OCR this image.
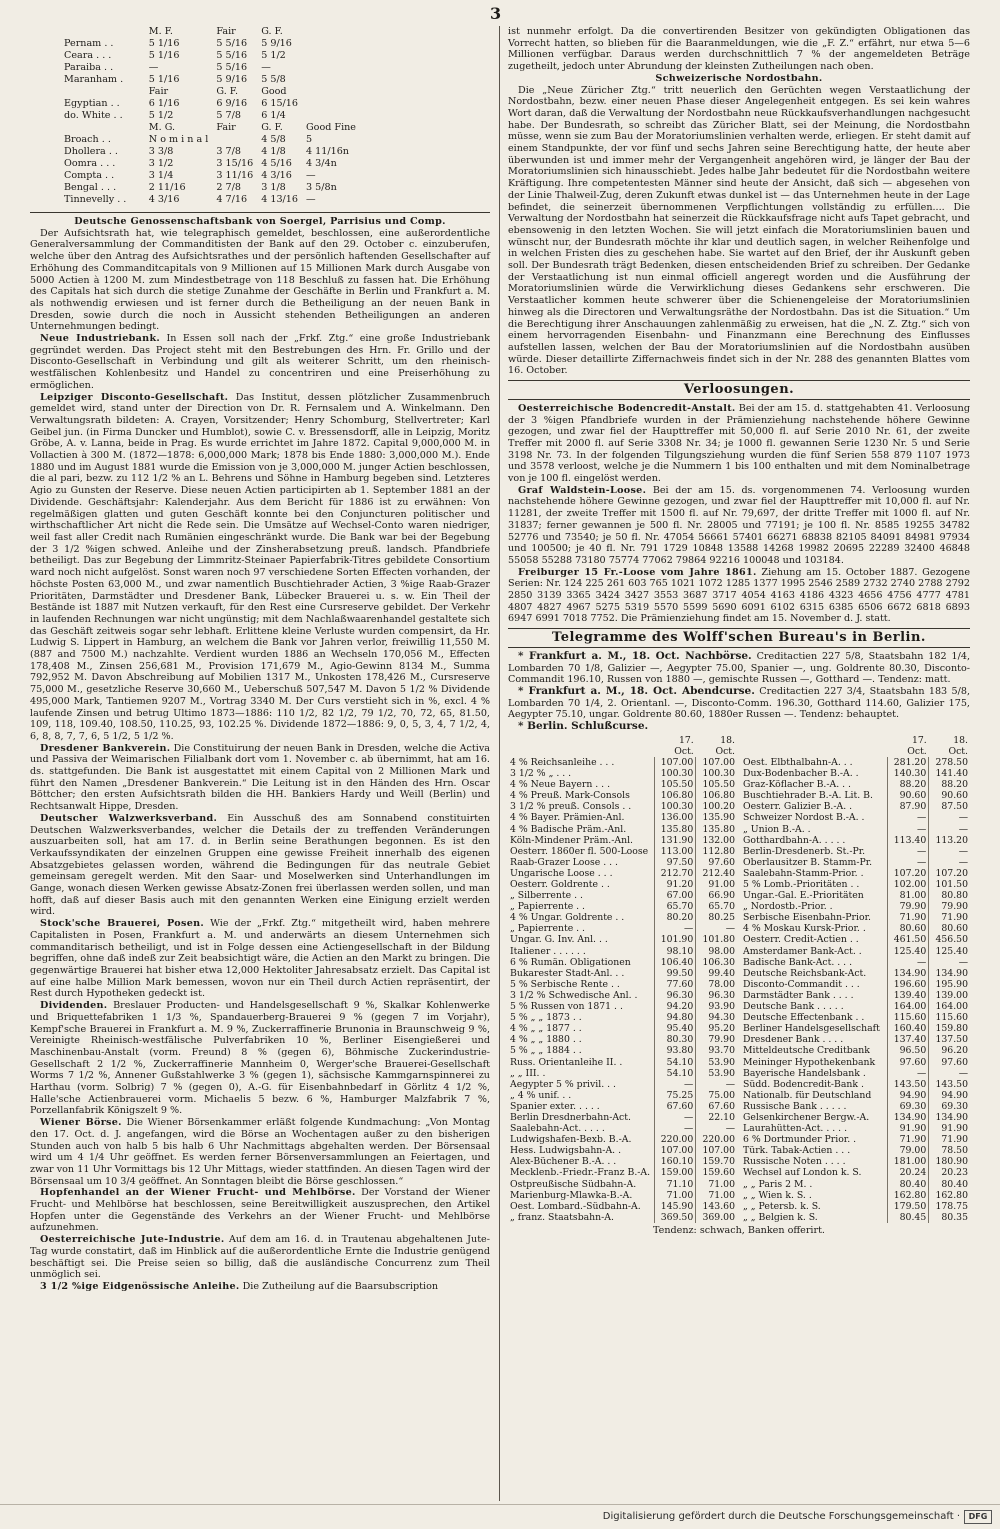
3
	M. F.	Fair	G. F.	
Pernam . .	5 1/16	5 5/16	5 9/16	
Ceara . . .	5 1/16	5 5/16	5 1/2	
Paraiba . .	—	5 5/16	—	
Maranham .	5 1/16	5 9/16	5 5/8	
	Fair	G. F.	Good	
Egyptian . .	6 1/16	6 9/16	6 15/16	
do. White . .	5 1/2	5 7/8	6 1/4	
	M. G.	Fair	G. F.	Good Fine
Broach . .	N o m i n a l		4 5/8	5
Dhollera . .	3 3/8	3 7/8	4 1/8	4 11/16n
Oomra . . .	3 1/2	3 15/16	4 5/16	4 3/4n
Compta . .	3 1/4	3 11/16	4 3/16	—
Bengal . . .	2 11/16	2 7/8	3 1/8	3 5/8n
Tinnevelly . .	4 3/16	4 7/16	4 13/16	—
Deutsche Genossenschaftsbank von Soergel, Parrisius und Comp.

Der Aufsichtsrath hat, wie telegraphisch gemeldet, beschlossen, eine außerordentliche Generalversammlung der Commanditisten der Bank auf den 29. October c. einzuberufen, welche über den Antrag des Aufsichtsrathes und der persönlich haftenden Gesellschafter auf Erhöhung des Commanditcapitals von 9 Millionen auf 15 Millionen Mark durch Ausgabe von 5000 Actien à 1200 M. zum Mindestbetrage von 118 Beschluß zu fassen hat. Die Erhöhung des Capitals hat sich durch die stetige Zunahme der Geschäfte in Berlin und Frankfurt a. M. als nothwendig erwiesen und ist ferner durch die Betheiligung an der neuen Bank in Dresden, sowie durch die noch in Aussicht stehenden Betheiligungen an anderen Unternehmungen bedingt.

Neue Industriebank. In Essen soll nach der „Frkf. Ztg.“ eine große Industriebank gegründet werden. Das Project steht mit den Bestrebungen des Hrn. Fr. Grillo und der Disconto-Gesellschaft in Verbindung und gilt als weiterer Schritt, um den rheinisch-westfälischen Kohlenbesitz und Handel zu concentriren und eine Preiserhöhung zu ermöglichen.

Leipziger Disconto-Gesellschaft. Das Institut, dessen plötzlicher Zusammenbruch gemeldet wird, stand unter der Direction von Dr. R. Fernsalem und A. Winkelmann. Den Verwaltungsrath bildeten: A. Crayen, Vorsitzender; Henry Schomburg, Stellvertreter; Karl Geibel jun. (in Firma Duncker und Humblot), sowie C. v. Bressensdorff, alle in Leipzig, Moritz Gröbe, A. v. Lanna, beide in Prag. Es wurde errichtet im Jahre 1872. Capital 9,000,000 M. in Vollactien à 300 M. (1872—1878: 6,000,000 Mark; 1878 bis Ende 1880: 3,000,000 M.). Ende 1880 und im August 1881 wurde die Emission von je 3,000,000 M. junger Actien beschlossen, die al pari, bezw. zu 112 1/2 % an L. Behrens und Söhne in Hamburg begeben sind. Letzteres Agio zu Gunsten der Reserve. Diese neuen Actien participirten ab 1. September 1881 an der Dividende. Geschäftsjahr: Kalenderjahr. Aus dem Bericht für 1886 ist zu erwähnen: Von regelmäßigen glatten und guten Geschäft konnte bei den Conjuncturen politischer und wirthschaftlicher Art nicht die Rede sein. Die Umsätze auf Wechsel-Conto waren niedriger, weil fast aller Credit nach Rumänien eingeschränkt wurde. Die Bank war bei der Begebung der 3 1/2 %igen schwed. Anleihe und der Zinsherabsetzung preuß. landsch. Pfandbriefe betheiligt. Das zur Begebung der Limmritz-Steinaer Papierfabrik-Titres gebildete Consortium ward noch nicht aufgelöst. Sonst waren noch 97 verschiedene Sorten Effecten vorhanden, der höchste Posten 63,000 M., und zwar namentlich Buschtiehrader Actien, 3 %ige Raab-Grazer Prioritäten, Darmstädter und Dresdener Bank, Lübecker Brauerei u. s. w. Ein Theil der Bestände ist 1887 mit Nutzen verkauft, für den Rest eine Cursreserve gebildet. Der Verkehr in laufenden Rechnungen war nicht ungünstig; mit dem Nachlaßwaarenhandel gestaltete sich das Geschäft zeitweis sogar sehr lebhaft. Erlittene kleine Verluste wurden compensirt, da Hr. Ludwig S. Lippert in Hamburg, an welchem die Bank vor Jahren verlor, freiwillig 11,550 M. (887 and 7500 M.) nachzahlte. Verdient wurden 1886 an Wechseln 170,056 M., Effecten 178,408 M., Zinsen 256,681 M., Provision 171,679 M., Agio-Gewinn 8134 M., Summa 792,952 M. Davon Abschreibung auf Mobilien 1317 M., Unkosten 178,426 M., Cursreserve 75,000 M., gesetzliche Reserve 30,660 M., Ueberschuß 507,547 M. Davon 5 1/2 % Dividende 495,000 Mark, Tantiemen 9207 M., Vortrag 3340 M. Der Curs verstieht sich in %, excl. 4 % laufende Zinsen und betrug Ultimo 1873—1886: 110 1/2, 82 1/2, 79 1/2, 70, 72, 65, 81.50, 109, 118, 109.40, 108.50, 110.25, 93, 102.25 %. Dividende 1872—1886: 9, 0, 5, 3, 4, 7 1/2, 4, 6, 8, 8, 7, 7, 6, 5 1/2, 5 1/2 %.

Dresdener Bankverein. Die Constituirung der neuen Bank in Dresden, welche die Activa und Passiva der Weimarischen Filialbank dort vom 1. November c. ab übernimmt, hat am 16. ds. stattgefunden. Die Bank ist ausgestattet mit einem Capital von 2 Millionen Mark und führt den Namen „Dresdener Bankverein.“ Die Leitung ist in den Händen des Hrn. Oscar Böttcher; den ersten Aufsichtsrath bilden die HH. Bankiers Hardy und Weill (Berlin) und Rechtsanwalt Hippe, Dresden.

Deutscher Walzwerksverband. Ein Ausschuß des am Sonnabend constituirten Deutschen Walzwerksverbandes, welcher die Details der zu treffenden Veränderungen auszuarbeiten soll, hat am 17. d. in Berlin seine Berathungen begonnen. Es ist den Verkaufssyndikaten der einzelnen Gruppen eine gewisse Freiheit innerhalb des eigenen Absatzgebietes gelassen worden, während die Bedingungen für das neutrale Gebiet gemeinsam geregelt werden. Mit den Saar- und Moselwerken sind Unterhandlungen im Gange, wonach diesen Werken gewisse Absatz-Zonen frei überlassen werden sollen, und man hofft, daß auf dieser Basis auch mit den genannten Werken eine Einigung erzielt werden wird.

Stock'sche Brauerei, Posen. Wie der „Frkf. Ztg.“ mitgetheilt wird, haben mehrere Capitalisten in Posen, Frankfurt a. M. und anderwärts an diesem Unternehmen sich commanditarisch betheiligt, und ist in Folge dessen eine Actiengesellschaft in der Bildung begriffen, ohne daß indeß zur Zeit beabsichtigt wäre, die Actien an den Markt zu bringen. Die gegenwärtige Brauerei hat bisher etwa 12,000 Hektoliter Jahresabsatz erzielt. Das Capital ist auf eine halbe Million Mark bemessen, wovon nur ein Theil durch Actien repräsentirt, der Rest durch Hypotheken gedeckt ist.

Dividenden. Breslauer Producten- und Handelsgesellschaft 9 %, Skalkar Kohlenwerke und Briquettefabriken 1 1/3 %, Spandauerberg-Brauerei 9 % (gegen 7 im Vorjahr), Kempf'sche Brauerei in Frankfurt a. M. 9 %, Zuckerraffinerie Brunonia in Braunschweig 9 %, Vereinigte Rheinisch-westfälische Pulverfabriken 10 %, Berliner Eisengießerei und Maschinenbau-Anstalt (vorm. Freund) 8 % (gegen 6), Böhmische Zuckerindustrie-Gesellschaft 2 1/2 %, Zuckerraffinerie Mannheim 0, Werger'sche Brauerei-Gesellschaft Worms 7 1/2 %, Annener Gußstahlwerke 3 % (gegen 1), sächsische Kammgarnspinnerei zu Harthau (vorm. Solbrig) 7 % (gegen 0), A.-G. für Eisenbahnbedarf in Görlitz 4 1/2 %, Halle'sche Actienbrauerei vorm. Michaelis 5 bezw. 6 %, Hamburger Malzfabrik 7 %, Porzellanfabrik Königszelt 9 %.

Wiener Börse. Die Wiener Börsenkammer erläßt folgende Kundmachung: „Von Montag den 17. Oct. d. J. angefangen, wird die Börse an Wochentagen außer zu den bisherigen Stunden auch von halb 5 bis halb 6 Uhr Nachmittags abgehalten werden. Der Börsensaal wird um 4 1/4 Uhr geöffnet. Es werden ferner Börsenversammlungen an Feiertagen, und zwar von 11 Uhr Vormittags bis 12 Uhr Mittags, wieder stattfinden. An diesen Tagen wird der Börsensaal um 10 3/4 geöffnet. An Sonntagen bleibt die Börse geschlossen.“

Hopfenhandel an der Wiener Frucht- und Mehlbörse. Der Vorstand der Wiener Frucht- und Mehlbörse hat beschlossen, seine Bereitwilligkeit auszusprechen, den Artikel Hopfen unter die Gegenstände des Verkehrs an der Wiener Frucht- und Mehlbörse aufzunehmen.

Oesterreichische Jute-Industrie. Auf dem am 16. d. in Trautenau abgehaltenen Jute-Tag wurde constatirt, daß im Hinblick auf die außerordentliche Ernte die Industrie genügend beschäftigt sei. Die Preise seien so billig, daß die ausländische Concurrenz zum Theil unmöglich sei.

3 1/2 %ige Eidgenössische Anleihe. Die Zutheilung auf die Baarsubscription

ist nunmehr erfolgt. Da die convertirenden Besitzer von gekündigten Obligationen das Vorrecht hatten, so blieben für die Baaranmeldungen, wie die „F. Z.“ erfährt, nur etwa 5—6 Millionen verfügbar. Daraus werden durchschnittlich 7 % der angemeldeten Beträge zugetheilt, jedoch unter Abrundung der kleinsten Zutheilungen nach oben.

Schweizerische Nordostbahn.

Die „Neue Züricher Ztg.“ tritt neuerlich den Gerüchten wegen Verstaatlichung der Nordostbahn, bezw. einer neuen Phase dieser Angelegenheit entgegen. Es sei kein wahres Wort daran, daß die Verwaltung der Nordostbahn neue Rückkaufsverhandlungen nachgesucht habe. Der Bundesrath, so schreibt das Züricher Blatt, sei der Meinung, die Nordostbahn müsse, wenn sie zum Bau der Moratoriumslinien verhalten werde, erliegen. Er steht damit auf einem Standpunkte, der vor fünf und sechs Jahren seine Berechtigung hatte, der heute aber überwunden ist und immer mehr der Vergangenheit angehören wird, je länger der Bau der Moratoriumslinien sich hinausschiebt. Jedes halbe Jahr bedeutet für die Nordostbahn weitere Kräftigung. Ihre competentesten Männer sind heute der Ansicht, daß sich — abgesehen von der Linie Thalweil-Zug, deren Zukunft etwas dunkel ist — das Unternehmen heute in der Lage befindet, die seinerzeit übernommenen Verpflichtungen vollständig zu erfüllen.... Die Verwaltung der Nordostbahn hat seinerzeit die Rückkaufsfrage nicht aufs Tapet gebracht, und ebensowenig in den letzten Wochen. Sie will jetzt einfach die Moratoriumslinien bauen und wünscht nur, der Bundesrath möchte ihr klar und deutlich sagen, in welcher Reihenfolge und in welchen Fristen dies zu geschehen habe. Sie wartet auf den Brief, der ihr Auskunft geben soll. Der Bundesrath trägt Bedenken, diesen entscheidenden Brief zu schreiben. Der Gedanke der Verstaatlichung ist nun einmal officiell angeregt worden und die Ausführung der Moratoriumslinien würde die Verwirklichung dieses Gedankens sehr erschweren. Die Verstaatlicher kommen heute schwerer über die Schienengeleise der Moratoriumslinien hinweg als die Directoren und Verwaltungsräthe der Nordostbahn. Das ist die Situation.“ Um die Berechtigung ihrer Anschauungen zahlenmäßig zu erweisen, hat die „N. Z. Ztg.“ sich von einem hervorragenden Eisenbahn- und Finanzmann eine Berechnung des Einflusses aufstellen lassen, welchen der Bau der Moratoriumslinien auf die Nordostbahn ausüben würde. Dieser detaillirte Ziffernachweis findet sich in der Nr. 288 des genannten Blattes vom 16. October.

Verloosungen.

Oesterreichische Bodencredit-Anstalt. Bei der am 15. d. stattgehabten 41. Verloosung der 3 %igen Pfandbriefe wurden in der Prämienziehung nachstehende höhere Gewinne gezogen, und zwar fiel der Haupttreffer mit 50,000 fl. auf Serie 2010 Nr. 61, der zweite Treffer mit 2000 fl. auf Serie 3308 Nr. 34; je 1000 fl. gewannen Serie 1230 Nr. 5 und Serie 3198 Nr. 73. In der folgenden Tilgungsziehung wurden die fünf Serien 558 879 1107 1973 und 3578 verloost, welche je die Nummern 1 bis 100 enthalten und mit dem Nominalbetrage von je 100 fl. eingelöst werden.

Graf Waldstein-Loose. Bei der am 15. ds. vorgenommenen 74. Verloosung wurden nachstehende höhere Gewinne gezogen, und zwar fiel der Haupttreffer mit 10,000 fl. auf Nr. 11281, der zweite Treffer mit 1500 fl. auf Nr. 79,697, der dritte Treffer mit 1000 fl. auf Nr. 31837; ferner gewannen je 500 fl. Nr. 28005 und 77191; je 100 fl. Nr. 8585 19255 34782 52776 und 73540; je 50 fl. Nr. 47054 56661 57401 66271 68838 82105 84091 84981 97934 und 100500; je 40 fl. Nr. 791 1729 10848 13588 14268 19982 20695 22289 32400 46848 55058 55288 73180 75774 77062 79864 92216 100048 und 103184.

Freiburger 15 Fr.-Loose vom Jahre 1861. Ziehung am 15. October 1887. Gezogene Serien: Nr. 124 225 261 603 765 1021 1072 1285 1377 1995 2546 2589 2732 2740 2788 2792 2850 3139 3365 3424 3427 3553 3687 3717 4054 4163 4186 4323 4656 4756 4777 4781 4807 4827 4967 5275 5319 5570 5599 5690 6091 6102 6315 6385 6506 6672 6818 6893 6947 6991 7018 7752. Die Prämienziehung findet am 15. November d. J. statt.

Telegramme des Wolff'schen Bureau's in Berlin.

* Frankfurt a. M., 18. Oct. Nachbörse. Creditactien 227 5/8, Staatsbahn 182 1/4, Lombarden 70 1/8, Galizier —, Aegypter 75.00, Spanier —, ung. Goldrente 80.30, Disconto-Commandit 196.10, Russen von 1880 —, gemischte Russen —, Gotthard —. Tendenz: matt.

* Frankfurt a. M., 18. Oct. Abendcurse. Creditactien 227 3/4, Staatsbahn 183 5/8, Lombarden 70 1/4, 2. Orientanl. —, Disconto-Comm. 196.30, Gotthard 114.60, Galizier 175, Aegypter 75.10, ungar. Goldrente 80.60, 1880er Russen —. Tendenz: behauptet.

* Berlin. Schlußcurse.

	17. Oct.	18. Oct.
4 % Reichsanleihe . . .	107.00	107.00
3 1/2 % „ . . .	100.30	100.30
4 % Neue Bayern . . .	105.50	105.50
4 % Preuß. Mark-Consols	106.80	106.80
3 1/2 % preuß. Consols . .	100.30	100.20
4 % Bayer. Prämien-Anl.	136.00	135.90
4 % Badische Präm.-Anl.	135.80	135.80
Köln-Mindener Präm.-Anl.	131.90	132.00
Oesterr. 1860er fl. 500-Loose	113.00	112.80
Raab-Grazer Loose . . .	97.50	97.60
Ungarische Loose . . .	212.70	212.40
Oesterr. Goldrente . .	91.20	91.00
„ Silberrente . .	67.00	66.90
„ Papierrente . .	65.70	65.70
4 % Ungar. Goldrente . .	80.20	80.25
„ Papierrente . .	—	—
Ungar. G. Inv. Anl. . .	101.90	101.80
Italiener . . . . . .	98.10	98.00
6 % Rumän. Obligationen	106.40	106.30
Bukarester Stadt-Anl. . .	99.50	99.40
5 % Serbische Rente . .	77.60	78.00
3 1/2 % Schwedische Anl. .	96.30	96.30
5 % Russen von 1871 . .	94.20	93.90
5 % „ „ 1873 . .	94.80	94.30
4 % „ „ 1877 . .	95.40	95.20
4 % „ „ 1880 . .	80.30	79.90
5 % „ „ 1884 . .	93.80	93.70
Russ. Orientanleihe II. .	54.10	53.90
„ „ III. .	54.10	53.90
Aegypter 5 % privil. . .	—	—
„ 4 % unif. . .	75.25	75.00
Spanier exter. . . . .	67.60	67.60
Berlin Dresdnerbahn-Act.	—	22.10
Saalebahn-Act. . . . .	—	—
Ludwigshafen-Bexb. B.-A.	220.00	220.00
Hess. Ludwigsbahn-A. .	107.00	107.00
Alex-Büchener B.-A. . .	160.10	159.70
Mecklenb.-Friedr.-Franz B.-A.	159.00	159.60
Ostpreußische Südbahn-A.	71.10	71.00
Marienburg-Mlawka-B.-A.	71.00	71.00
Oest. Lombard.-Südbahn-A.	145.90	143.60
„ franz. Staatsbahn-A.	369.50	369.00
	17. Oct.	18. Oct.
Oest. Elbthalbahn-A. . .	281.20	278.50
Dux-Bodenbacher B.-A. .	140.30	141.40
Graz-Köflacher B.-A. . .	88.20	88.20
Buschtiehrader B.-A. Lit. B.	90.60	90.60
Oesterr. Galizier B.-A. .	87.90	87.50
Schweizer Nordost B.-A. .	—	—
„ Union B.-A. .	—	—
Gotthardbahn-A. . . . .	113.40	113.20
Berlin-Dresdenerb. St.-Pr.	—	—
Oberlausitzer B. Stamm-Pr.	—	—
Saalebahn-Stamm-Prior. .	107.20	107.20
5 % Lomb.-Prioritäten . .	102.00	101.50
Ungar.-Gal. E.-Prioritäten	81.00	80.80
„ Nordostb.-Prior. .	79.90	79.90
Serbische Eisenbahn-Prior.	71.90	71.90
4 % Moskau Kursk-Prior. .	80.60	80.60
Oesterr. Credit-Actien . .	461.50	456.50
Amsterdamer Bank-Act. .	125.40	125.40
Badische Bank-Act. . . .	—	—
Deutsche Reichsbank-Act.	134.90	134.90
Disconto-Commandit . . .	196.60	195.90
Darmstädter Bank . . . .	139.40	139.00
Deutsche Bank . . . . .	164.00	164.00
Deutsche Effectenbank . .	115.60	115.60
Berliner Handelsgesellschaft	160.40	159.80
Dresdener Bank . . . .	137.40	137.50
Mitteldeutsche Creditbank	96.50	96.20
Meininger Hypothekenbank	97.60	97.60
Bayerische Handelsbank .	—	—
Südd. Bodencredit-Bank .	143.50	143.50
Nationalb. für Deutschland	94.90	94.90
Russische Bank . . . . .	69.30	69.30
Gelsenkirchener Bergw.-A.	134.90	134.90
Laurahütten-Act. . . . .	91.90	91.90
6 % Dortmunder Prior. .	71.90	71.90
Türk. Tabak-Actien . . .	79.00	78.50
Russische Noten . . . .	181.00	180.90
Wechsel auf London k. S.	20.24	20.23
„ „ Paris 2 M. .	80.40	80.40
„ „ Wien k. S. .	162.80	162.80
„ „ Petersb. k. S.	179.50	178.75
„ „ Belgien k. S.	80.45	80.35
Tendenz: schwach, Banken offerirt.
Digitalisierung gefördert durch die Deutsche Forschungsgemeinschaft ·	DFG
